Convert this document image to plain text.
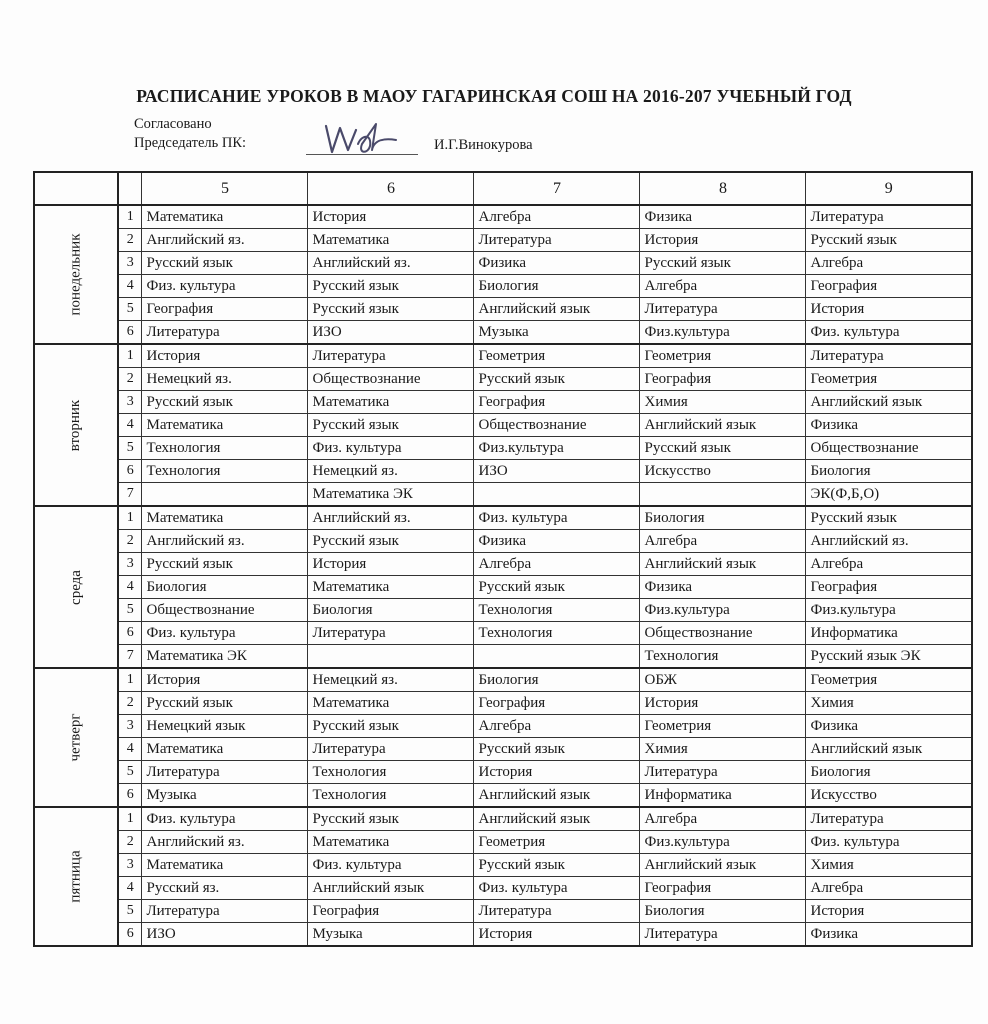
РАСПИСАНИЕ УРОКОВ В МАОУ ГАГАРИНСКАЯ СОШ НА 2016-207 УЧЕБНЫЙ ГОД
Согласовано
Председатель ПК:	И.Г.Винокурова
		5	6	7	8	9
понедельник	1	Математика	История	Алгебра	Физика	Литература
	2	Английский яз.	Математика	Литература	История	Русский язык
	3	Русский язык	Английский яз.	Физика	Русский язык	Алгебра
	4	Физ. культура	Русский язык	Биология	Алгебра	География
	5	География	Русский язык	Английский язык	Литература	История
	6	Литература	ИЗО	Музыка	Физ.культура	Физ. культура
вторник	1	История	Литература	Геометрия	Геометрия	Литература
	2	Немецкий яз.	Обществознание	Русский язык	География	Геометрия
	3	Русский язык	Математика	География	Химия	Английский язык
	4	Математика	Русский язык	Обществознание	Английский язык	Физика
	5	Технология	Физ. культура	Физ.культура	Русский язык	Обществознание
	6	Технология	Немецкий яз.	ИЗО	Искусство	Биология
	7		Математика ЭК			ЭК(Ф,Б,О)
среда	1	Математика	Английский яз.	Физ. культура	Биология	Русский язык
	2	Английский яз.	Русский язык	Физика	Алгебра	Английский яз.
	3	Русский язык	История	Алгебра	Английский язык	Алгебра
	4	Биология	Математика	Русский язык	Физика	География
	5	Обществознание	Биология	Технология	Физ.культура	Физ.культура
	6	Физ. культура	Литература	Технология	Обществознание	Информатика
	7	Математика ЭК			Технология	Русский язык ЭК
четверг	1	История	Немецкий яз.	Биология	ОБЖ	Геометрия
	2	Русский язык	Математика	География	История	Химия
	3	Немецкий язык	Русский язык	Алгебра	Геометрия	Физика
	4	Математика	Литература	Русский язык	Химия	Английский язык
	5	Литература	Технология	История	Литература	Биология
	6	Музыка	Технология	Английский язык	Информатика	Искусство
пятница	1	Физ. культура	Русский язык	Английский язык	Алгебра	Литература
	2	Английский яз.	Математика	Геометрия	Физ.культура	Физ. культура
	3	Математика	Физ. культура	Русский язык	Английский язык	Химия
	4	Русский яз.	Английский язык	Физ. культура	География	Алгебра
	5	Литература	География	Литература	Биология	История
	6	ИЗО	Музыка	История	Литература	Физика
